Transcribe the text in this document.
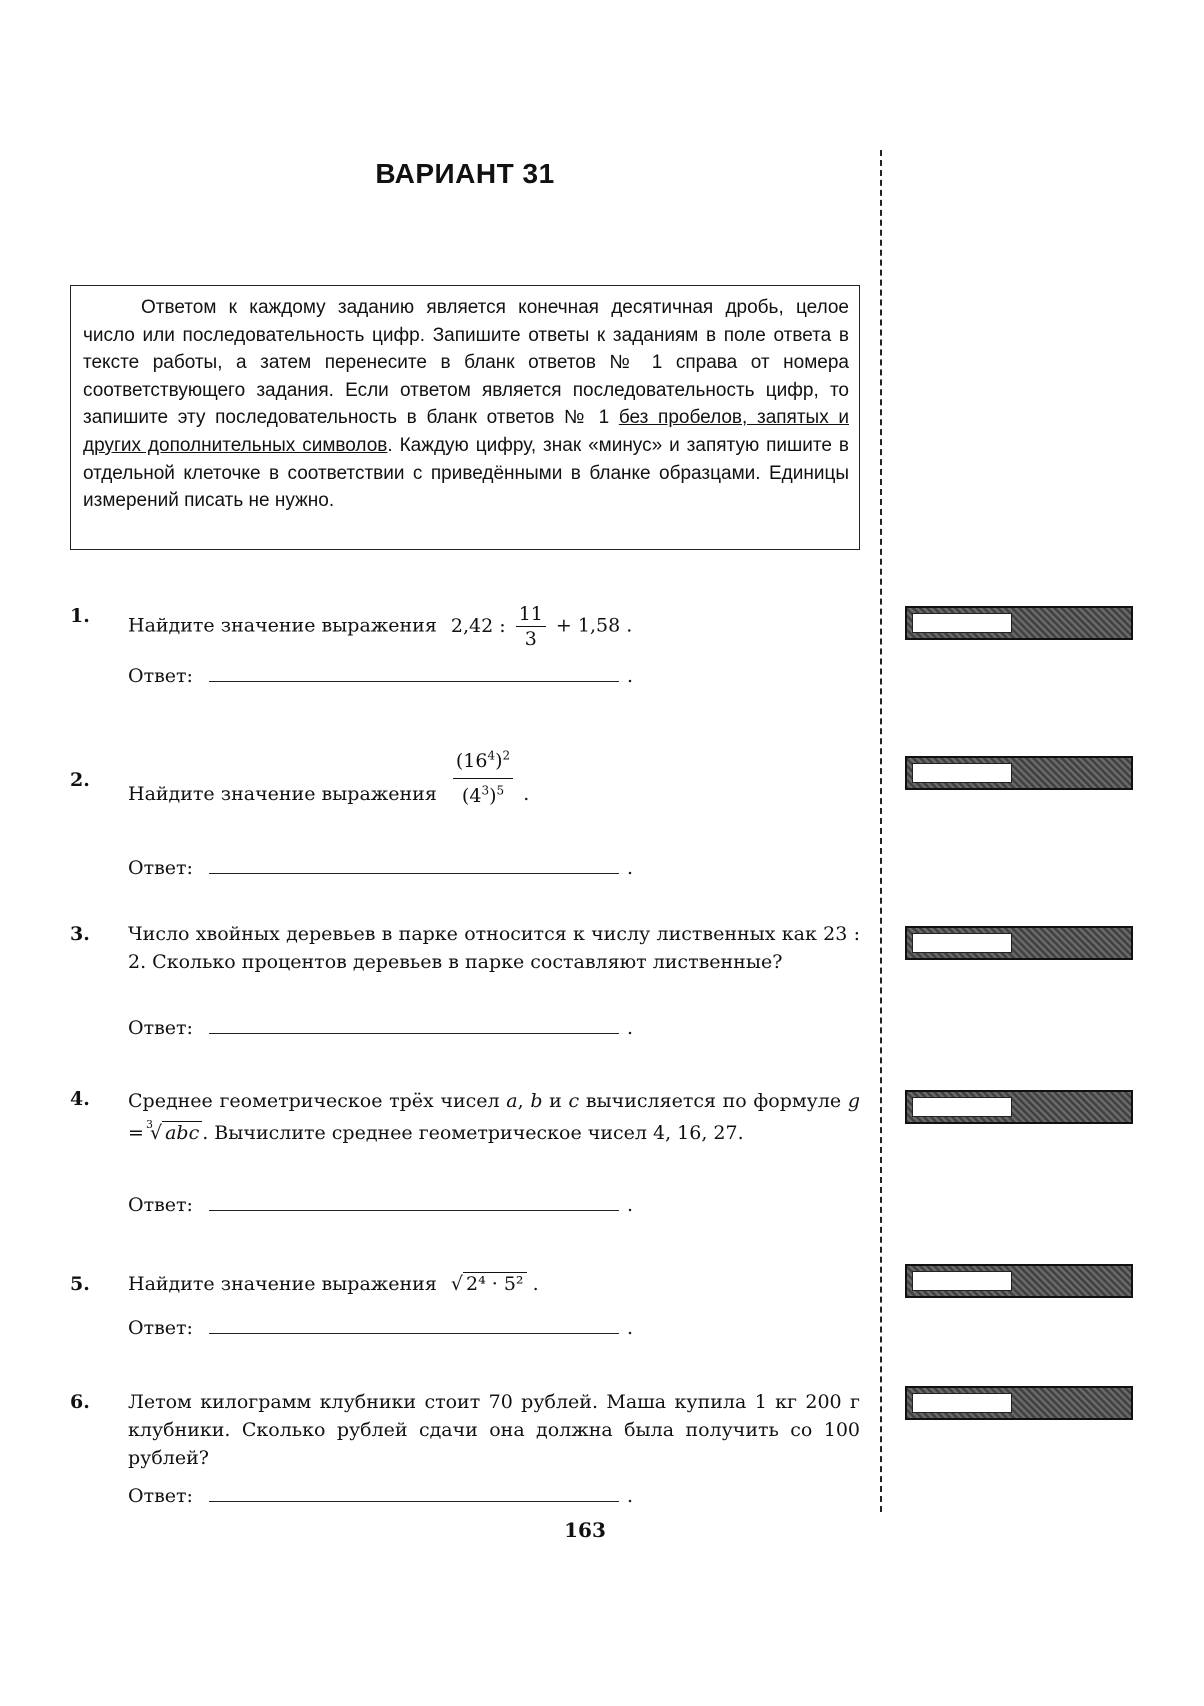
ВАРИАНТ 31
Ответом к каждому заданию является конечная десятичная дробь, целое число или последовательность цифр. Запишите ответы к заданиям в поле ответа в тексте работы, а затем перенесите в бланк ответов № 1 справа от номера соответствующего задания. Если ответом является последовательность цифр, то запишите эту последовательность в бланк ответов № 1 без пробелов, запятых и других дополнительных символов. Каждую цифру, знак «минус» и запятую пишите в отдельной клеточке в соответствии с приведёнными в бланке образцами. Единицы измерений писать не нужно.
1. Найдите значение выражения 2,42 : $\frac{11}{3} + 1,58$ .
Ответ:	.
2.
Найдите значение выражения $\frac{(16^4)^2}{(4^3)^5}$ .
Ответ:	.
3. Число хвойных деревьев в парке относится к числу лиственных как 23 : 2. Сколько процентов деревьев в парке составляют лиственные?
Ответ:	.
4. Среднее геометрическое трёх чисел a, b и c вычисляется по формуле g = 3
√ abc . Вычислите среднее геометрическое чисел 4, 16, 27.
Ответ:	.
5. Найдите значение выражения √ 2⁴ · 5² .
Ответ:	.
6. Летом килограмм клубники стоит 70 рублей. Маша купила 1 кг 200 г клубники. Сколько рублей сдачи она должна была получить со 100 рублей?
Ответ:	.
163
